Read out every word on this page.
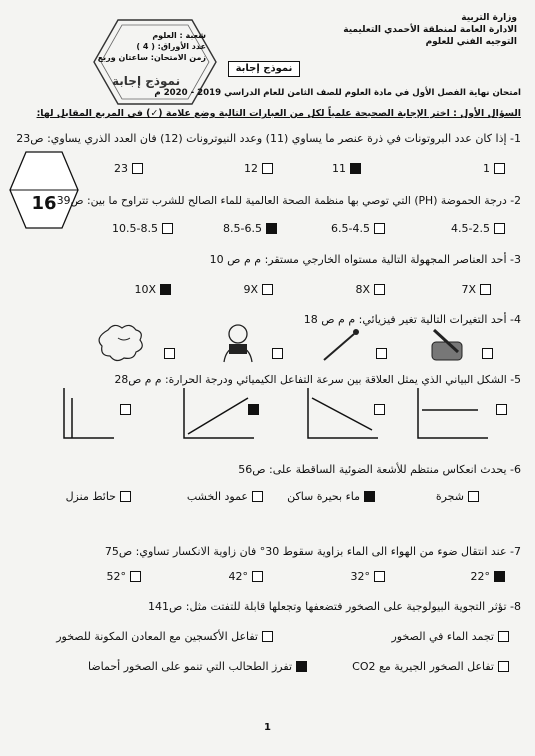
وزارة التربية
الادارة العامة لمنطقة الأحمدي التعليمية
التوجيه الفني للعلوم
نموذج إجابة
شعبة : العلوم
عدد الأوراق: ( 4 )
زمن الامتحان: ساعتان وربع
نموذج إجابة
امتحان نهاية الفصل الأول في مادة العلوم للصف الثامن للعام الدراسي 2019 - 2020 م
السؤال الأول : اختر الإجابة الصحيحة علمياً لكل من العبارات التالية وضع علامة (✓) في المربع المقابل لها:
16
1- إذا كان عدد البروتونات في ذرة عنصر ما يساوي (11) وعدد النيوترونات (12) فان العدد الذري يساوي: ص23
1
11
12
23
2- درجة الحموضة (PH) التي توصي بها منظمة الصحة العالمية للماء الصالح للشرب تتراوح ما بين: ص39
4.5-2.5
6.5-4.5
8.5-6.5
10.5-8.5
3- أحد العناصر المجهولة التالية مستواه الخارجي مستقر: م م ص 10
7X
8X
9X
10X
4- أحد التغيرات التالية تغير فيزيائي: م م ص 18
5- الشكل البياني الذي يمثل العلاقة بين سرعة التفاعل الكيميائي ودرجة الحرارة: م م ص28
6- يحدث انعكاس منتظم للأشعة الضوئية الساقطة على: ص56
شجرة
ماء بحيرة ساكن
عمود الخشب
حائط منزل
7- عند انتقال ضوء من الهواء الى الماء بزاوية سقوط 30° فان زاوية الانكسار تساوي: ص75
22°
32°
42°
52°
8- تؤثر التجوية البيولوجية على الصخور فتضعفها وتجعلها قابلة للتفتت مثل: ص141
تجمد الماء في الصخور
تفاعل الأكسجين مع المعادن المكونة للصخور
تفاعل الصخور الجيرية مع CO2
تفرز الطحالب التي تنمو على الصخور أحماضا
1
